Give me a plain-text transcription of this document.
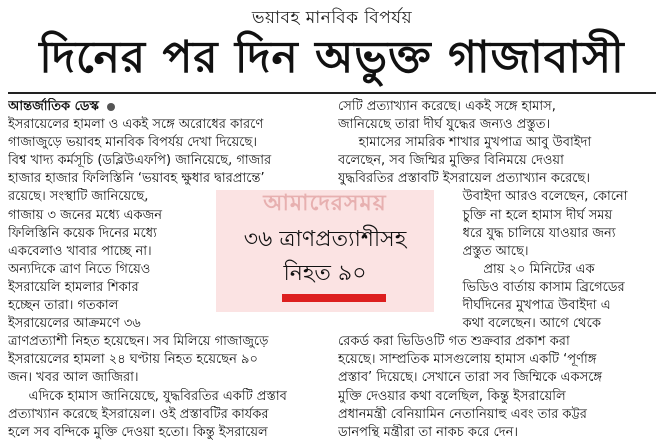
ভয়াবহ মানবিক বিপর্যয়
দিনের পর দিন অভুক্ত গাজাবাসী
আন্তর্জাতিক ডেস্ক
ইসরায়েলের হামলা ও একই সঙ্গে অরোধের কারণে
গাজাজুড়ে ভয়াবহ মানবিক বিপর্যয় দেখা দিয়েছে।
বিশ্ব খাদ্য কর্মসূচি (ডব্লিউএফপি) জানিয়েছে, গাজার
হাজার হাজার ফিলিস্তিনি ‘ভয়াবহ ক্ষুধার দ্বারপ্রান্তে’
রয়েছে। সংস্থাটি জানিয়েছে,
গাজায় ৩ জনের মধ্যে একজন
ফিলিস্তিনি কয়েক দিনের মধ্যে
একবেলাও খাবার পাচ্ছে না।
অন্যদিকে ত্রাণ নিতে গিয়েও
ইসরায়েলি হামলার শিকার
হচ্ছেন তারা। গতকাল
ইসরায়েলের আক্রমণে ৩৬
ত্রাণপ্রত্যাশী নিহত হয়েছেন। সব মিলিয়ে গাজাজুড়ে
ইসরায়েলের হামলা ২৪ ঘণ্টায় নিহত হয়েছেন ৯০
জন। খবর আল জাজিরা।
এদিকে হামাস জানিয়েছে, যুদ্ধবিরতির একটি প্রস্তাব
প্রত্যাখ্যান করেছে ইসরায়েল। ওই প্রস্তাবটির কার্যকর
হলে সব বন্দিকে মুক্তি দেওয়া হতো। কিন্তু ইসরায়েল
সেটি প্রত্যাখ্যান করেছে। একই সঙ্গে হামাস,
জানিয়েছে তারা দীর্ঘ যুদ্ধের জন্যও প্রস্তুত।
হামাসের সামরিক শাখার মুখপাত্র আবু উবাইদা
বলেছেন, সব জিম্মির মুক্তির বিনিময়ে দেওয়া
যুদ্ধবিরতির প্রস্তাবটি ইসরায়েল প্রত্যাখ্যান করেছে।
উবাইদা আরও বলেছেন, কোনো
চুক্তি না হলে হামাস দীর্ঘ সময়
ধরে যুদ্ধ চালিয়ে যাওয়ার জন্য
প্রস্তুত আছে।
প্রায় ২০ মিনিটের এক
ভিডিও বার্তায় কাসাম ব্রিগেডের
দীর্ঘদিনের মুখপাত্র উবাইদা এ
কথা বলেছেন। আগে থেকে
রেকর্ড করা ভিডিওটি গত শুক্রবার প্রকাশ করা
হয়েছে। সাম্প্রতিক মাসগুলোয় হামাস একটি ‘পূর্ণাঙ্গ
প্রস্তাব’ দিয়েছে। সেখানে তারা সব জিম্মিকে একসঙ্গে
মুক্তি দেওয়ার কথা বলেছিল, কিন্তু ইসরায়েলি
প্রধানমন্ত্রী বেনিয়ামিন নেতানিয়াহু এবং তার কট্টর
ডানপন্থি মন্ত্রীরা তা নাকচ করে দেন।
আমাদেরসময়
৩৬ ত্রাণপ্রত্যাশীসহ
নিহত ৯০
